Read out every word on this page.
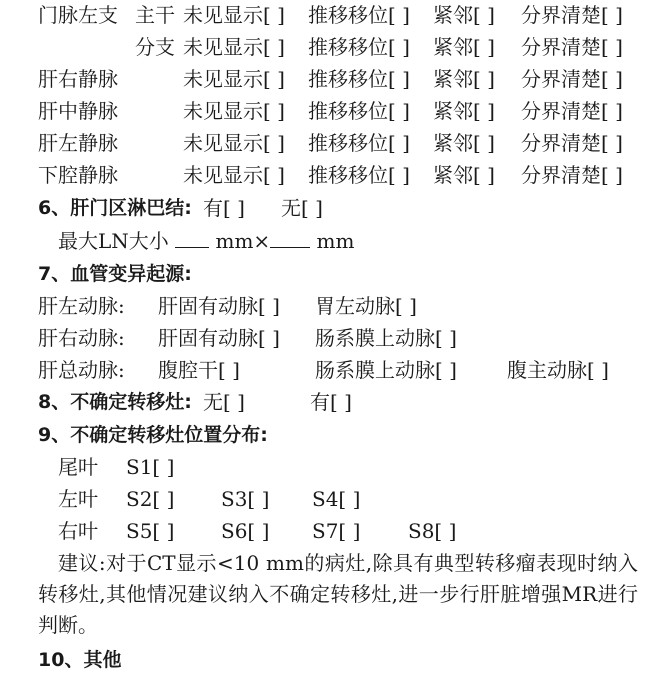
门脉左支 主干 未见显示[ ] 推移移位[ ] 紧邻[ ] 分界清楚[ ]
分支 未见显示[ ] 推移移位[ ] 紧邻[ ] 分界清楚[ ]
肝右静脉	未见显示[ ] 推移移位[ ] 紧邻[ ] 分界清楚[ ]
肝中静脉	未见显示[ ] 推移移位[ ] 紧邻[ ] 分界清楚[ ]
肝左静脉	未见显示[ ] 推移移位[ ] 紧邻[ ] 分界清楚[ ]
下腔静脉	未见显示[ ] 推移移位[ ] 紧邻[ ] 分界清楚[ ]
6、肝门区淋巴结: 有[ ] 无[ ]
最大LN大小 mm× mm
7、血管变异起源:
肝左动脉: 肝固有动脉[ ] 胃左动脉[ ]
肝右动脉: 肝固有动脉[ ] 肠系膜上动脉[ ]
肝总动脉: 腹腔干[ ]	肠系膜上动脉[ ]	腹主动脉[ ]
8、不确定转移灶: 无[ ]	有[ ]
9、不确定转移灶位置分布:
尾叶 S1[ ]
左叶 S2[ ] S3[ ] S4[ ]
右叶 S5[ ] S6[ ] S7[ ] S8[ ]
建议:对于CT显示<10 mm的病灶,除具有典型转移瘤表现时纳入转移灶,其他情况建议纳入不确定转移灶,进一步行肝脏增强MR进行判断。
10、其他
